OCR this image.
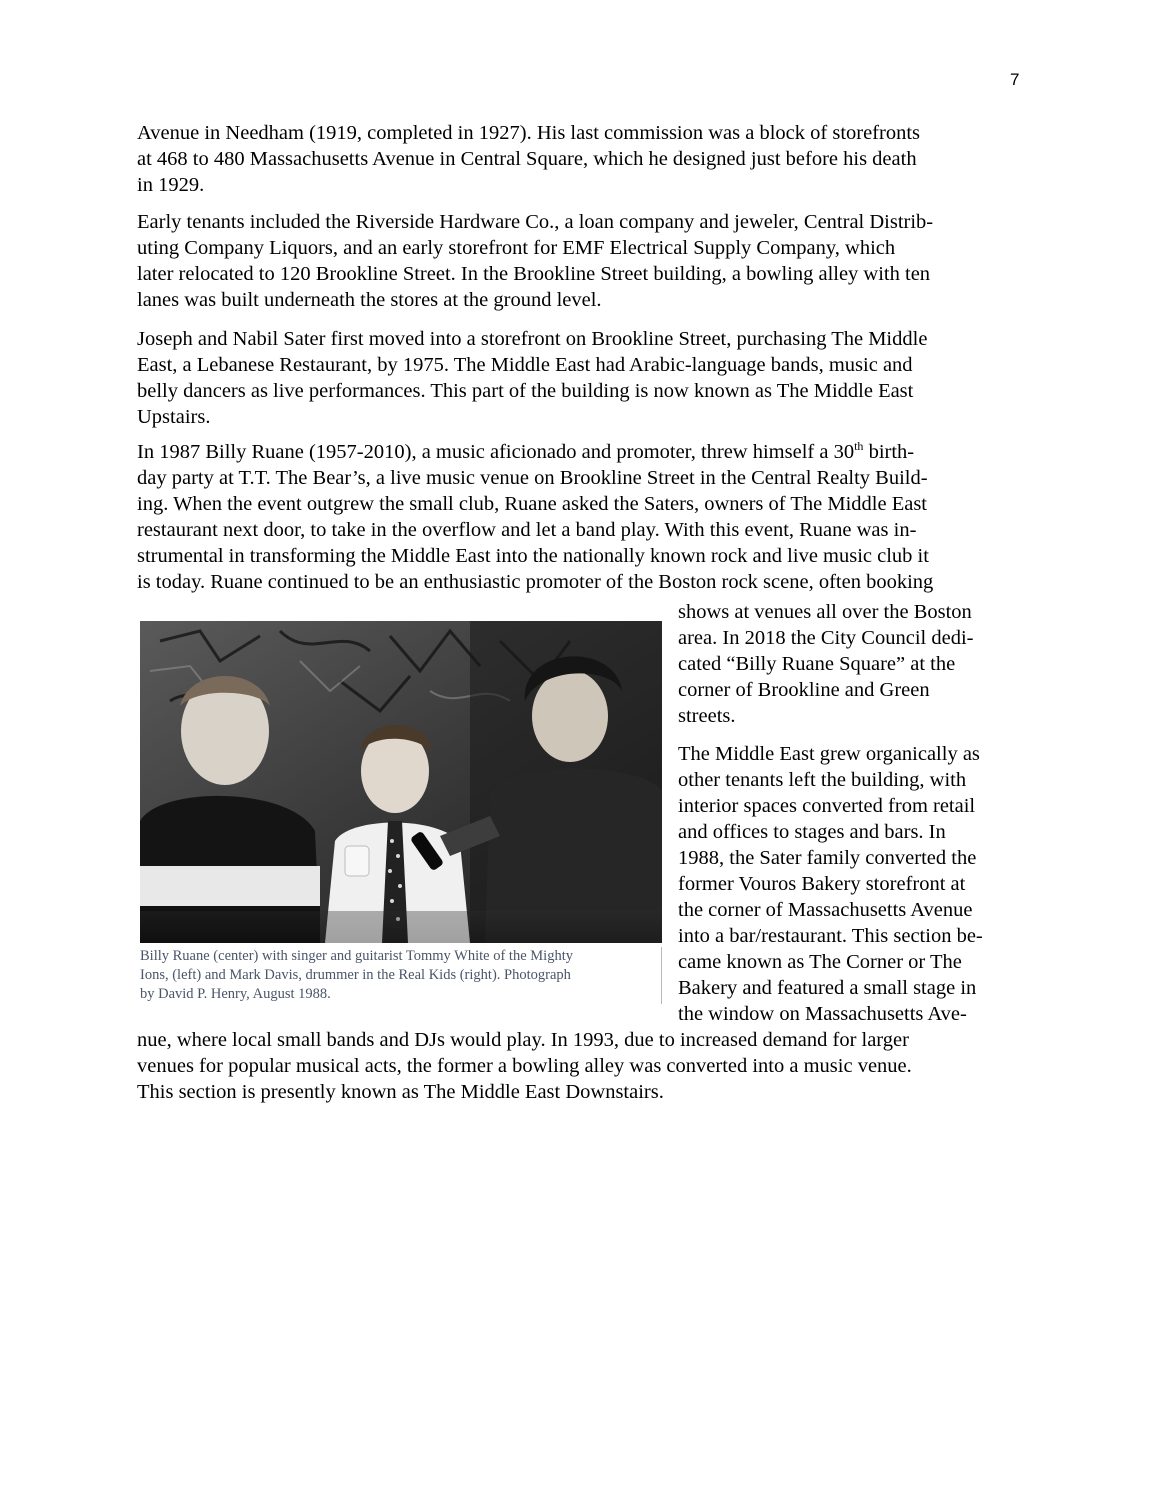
7
Avenue in Needham (1919, completed in 1927). His last commission was a block of storefronts
at 468 to 480 Massachusetts Avenue in Central Square, which he designed just before his death
in 1929.
Early tenants included the Riverside Hardware Co., a loan company and jeweler, Central Distrib-
uting Company Liquors, and an early storefront for EMF Electrical Supply Company, which
later relocated to 120 Brookline Street. In the Brookline Street building, a bowling alley with ten
lanes was built underneath the stores at the ground level.
Joseph and Nabil Sater first moved into a storefront on Brookline Street, purchasing The Middle
East, a Lebanese Restaurant, by 1975. The Middle East had Arabic-language bands, music and
belly dancers as live performances. This part of the building is now known as The Middle East
Upstairs.
In 1987 Billy Ruane (1957-2010), a music aficionado and promoter, threw himself a 30th birth-
day party at T.T. The Bear’s, a live music venue on Brookline Street in the Central Realty Build-
ing. When the event outgrew the small club, Ruane asked the Saters, owners of The Middle East
restaurant next door, to take in the overflow and let a band play. With this event, Ruane was in-
strumental in transforming the Middle East into the nationally known rock and live music club it
is today. Ruane continued to be an enthusiastic promoter of the Boston rock scene, often booking
Billy Ruane (center) with singer and guitarist Tommy White of the Mighty
Ions, (left) and Mark Davis, drummer in the Real Kids (right). Photograph
by David P. Henry, August 1988.
shows at venues all over the Boston
area. In 2018 the City Council dedi-
cated “Billy Ruane Square” at the
corner of Brookline and Green
streets.
The Middle East grew organically as
other tenants left the building, with
interior spaces converted from retail
and offices to stages and bars. In
1988, the Sater family converted the
former Vouros Bakery storefront at
the corner of Massachusetts Avenue
into a bar/restaurant. This section be-
came known as The Corner or The
Bakery and featured a small stage in
the window on Massachusetts Ave-
nue, where local small bands and DJs would play. In 1993, due to increased demand for larger
venues for popular musical acts, the former a bowling alley was converted into a music venue.
This section is presently known as The Middle East Downstairs.
